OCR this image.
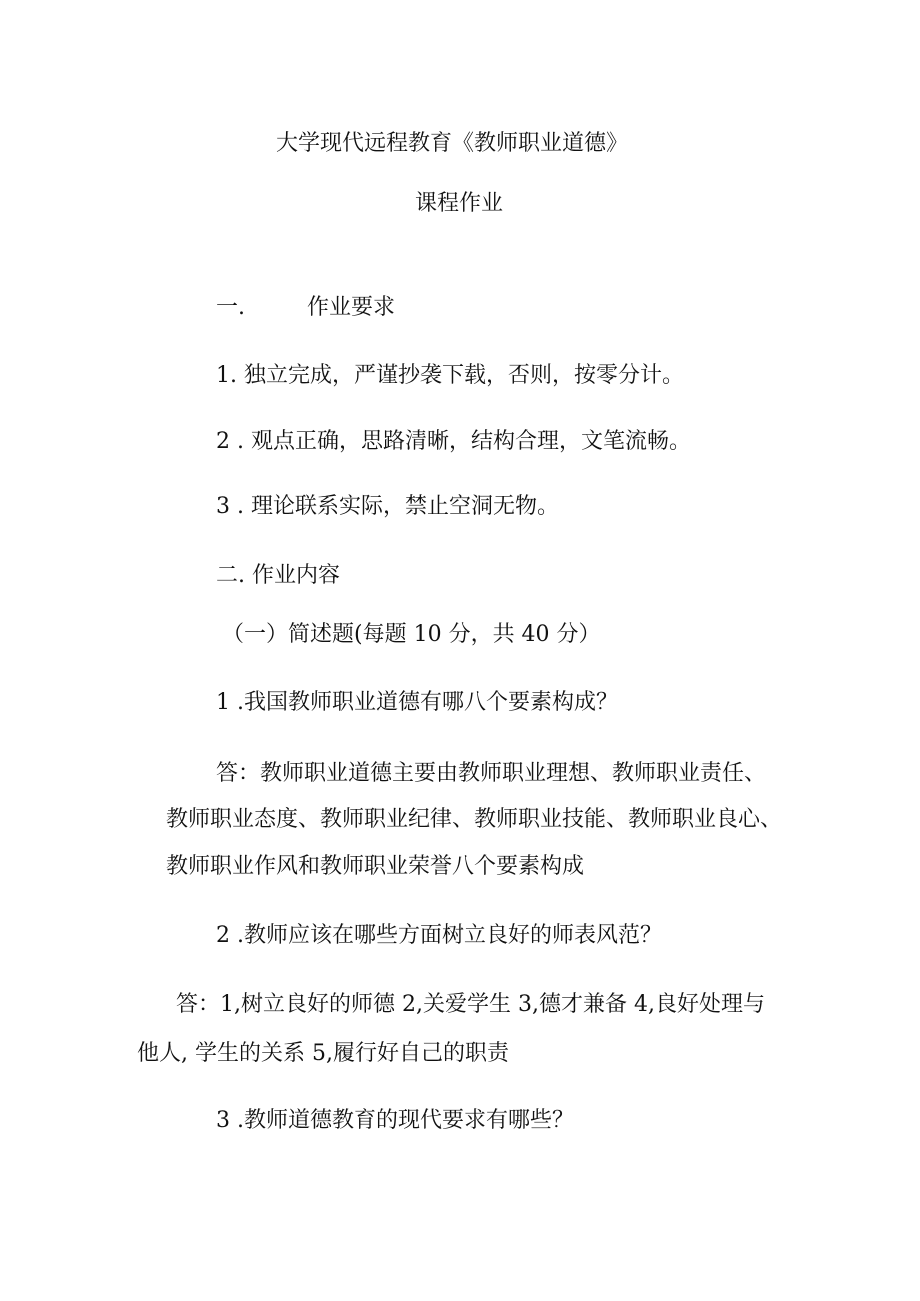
大学现代远程教育《教师职业道德》
课程作业
一.	作业要求
1. 独立完成，严谨抄袭下载，否则，按零分计。
2 . 观点正确，思路清晰，结构合理，文笔流畅。
3 . 理论联系实际，禁止空洞无物。
二. 作业内容
（一）简述题(每题 10 分，共 40 分）
1 .我国教师职业道德有哪八个要素构成？
答：教师职业道德主要由教师职业理想、教师职业责任、
教师职业态度、教师职业纪律、教师职业技能、教师职业良心、
教师职业作风和教师职业荣誉八个要素构成
2 .教师应该在哪些方面树立良好的师表风范？
答：1,树立良好的师德 2,关爱学生 3,德才兼备 4,良好处理与
他人, 学生的关系 5,履行好自己的职责
3 .教师道德教育的现代要求有哪些？
